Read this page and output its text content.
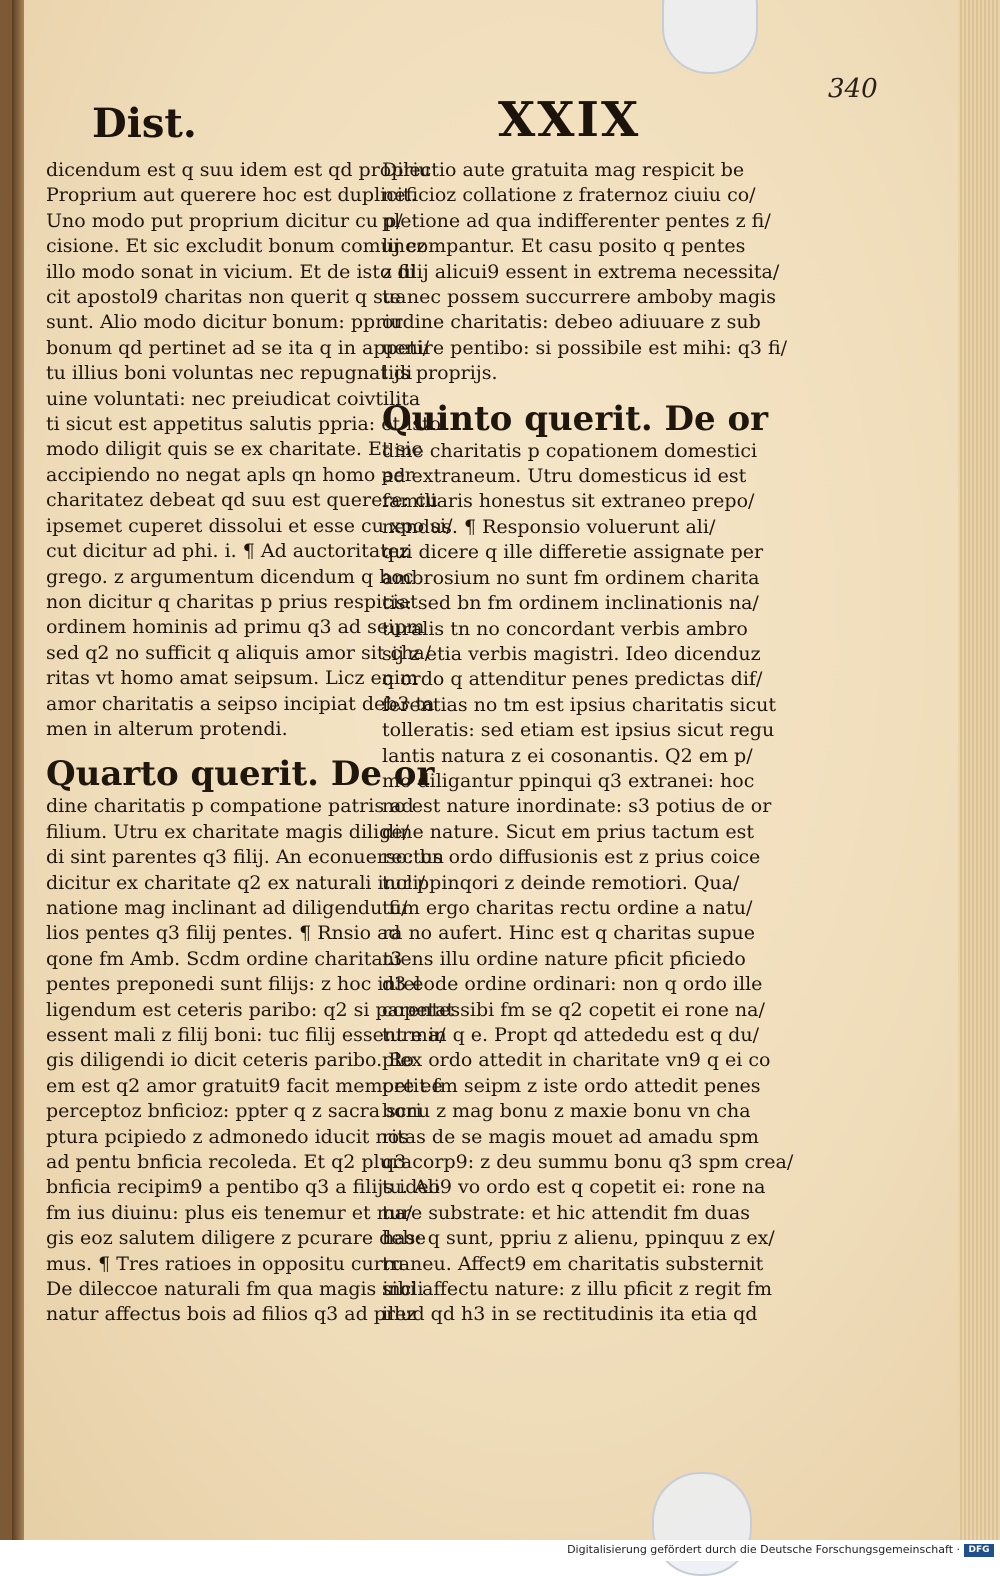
Dist.	XXIX
340
dicendum est q suu idem est qd propriu
Proprium aut querere hoc est duplicit.
Uno modo put proprium dicitur cu p/
cisione. Et sic excludit bonum comunez
illo modo sonat in vicium. Et de isto di
cit apostol9 charitas non querit q sua
sunt. Alio modo dicitur bonum: ppriu
bonum qd pertinet ad se ita q in appeti/
tu illius boni voluntas nec repugnat di
uine voluntati: nec preiudicat coivtilita
ti sicut est appetitus salutis ppria: et isto
modo diligit quis se ex charitate. Et sic
accipiendo no negat apls qn homo per
charitatez debeat qd suu est querere: cu
ipsemet cuperet dissolui et esse cu xpo si/
cut dicitur ad phi. i. ¶ Ad auctoritatez
grego. z argumentum dicendum q hoc
non dicitur q charitas p prius respiciat
ordinem hominis ad primu q3 ad seipm
sed q2 no sufficit q aliquis amor sit cha/
ritas vt homo amat seipsum. Licz enim
amor charitatis a seipso incipiat deb3 ta
men in alterum protendi.
Quarto querit. De or
dine charitatis p compatione patris ad
filium. Utru ex charitate magis dilige/
di sint parentes q3 filij. An econuerso: bn
dicitur ex charitate q2 ex naturali incli/
natione mag inclinant ad diligendu fi/
lios pentes q3 filij pentes. ¶ Rnsio ad
qone fm Amb. Scdm ordine charitat3
pentes preponedi sunt filijs: z hoc intel
ligendum est ceteris paribo: q2 si parentes
essent mali z filij boni: tuc filij essent ma/
gis diligendi io dicit ceteris paribo. Ro
em est q2 amor gratuit9 facit memore ee
perceptoz bnficioz: ppter q z sacra scri
ptura pcipiedo z admonedo iducit nos
ad pentu bnficia recoleda. Et q2 plura
bnficia recipim9 a pentibo q3 a filijs ideo
fm ius diuinu: plus eis tenemur et ma/
gis eoz salutem diligere z pcurare debe
mus. ¶ Tres ratioes in oppositu curru
De dileccoe naturali fm qua magis incli
natur affectus bois ad filios q3 ad prez
Dilectio aute gratuita mag respicit be
neficioz collatione z fraternoz ciuiu co/
pletione ad qua indifferenter pentes z fi/
lij compantur. Et casu posito q pentes
z filij alicui9 essent in extrema necessita/
te nec possem succurrere amboby magis
ordine charitatis: debeo adiuuare z sub
uenire pentibo: si possibile est mihi: q3 fi/
lijs proprijs.
Quinto querit. De or
dine charitatis p copationem domestici
ad extraneum. Utru domesticus id est
familiaris honestus sit extraneo prepo/
nendus. ¶ Responsio voluerunt ali/
qui dicere q ille differetie assignate per
ambrosium no sunt fm ordinem charita
tis: sed bn fm ordinem inclinationis na/
turalis tn no concordant verbis ambro
sij z etia verbis magistri. Ideo dicenduz
q ordo q attenditur penes predictas dif/
ferentias no tm est ipsius charitatis sicut
tolleratis: sed etiam est ipsius sicut regu
lantis natura z ei cosonantis. Q2 em p/
mo diligantur ppinqui q3 extranei: hoc
no est nature inordinate: s3 potius de or
dine nature. Sicut em prius tactum est
rectus ordo diffusionis est z prius coice
tur ppinqori z deinde remotiori. Qua/
tum ergo charitas rectu ordine a natu/
ra no aufert. Hinc est q charitas supue
niens illu ordine nature pficit pficiedo
d3 eode ordine ordinari: non q ordo ille
copetat sibi fm se q2 copetit ei rone na/
ture in q e. Propt qd attededu est q du/
plex ordo attedit in charitate vn9 q ei co
petit fm seipm z iste ordo attedit penes
bonu z mag bonu z maxie bonu vn cha
ritas de se magis mouet ad amadu spm
q3 corp9: z deu summu bonu q3 spm crea/
tu. Ali9 vo ordo est q copetit ei: rone na
ture substrate: et hic attendit fm duas
has: q sunt, ppriu z alienu, ppinquu z ex/
traneu. Affect9 em charitatis substernit
sibi affectu nature: z illu pficit z regit fm
illud qd h3 in se rectitudinis ita etia qd
Digitalisierung gefördert durch die Deutsche Forschungsgemeinschaft · DFG
